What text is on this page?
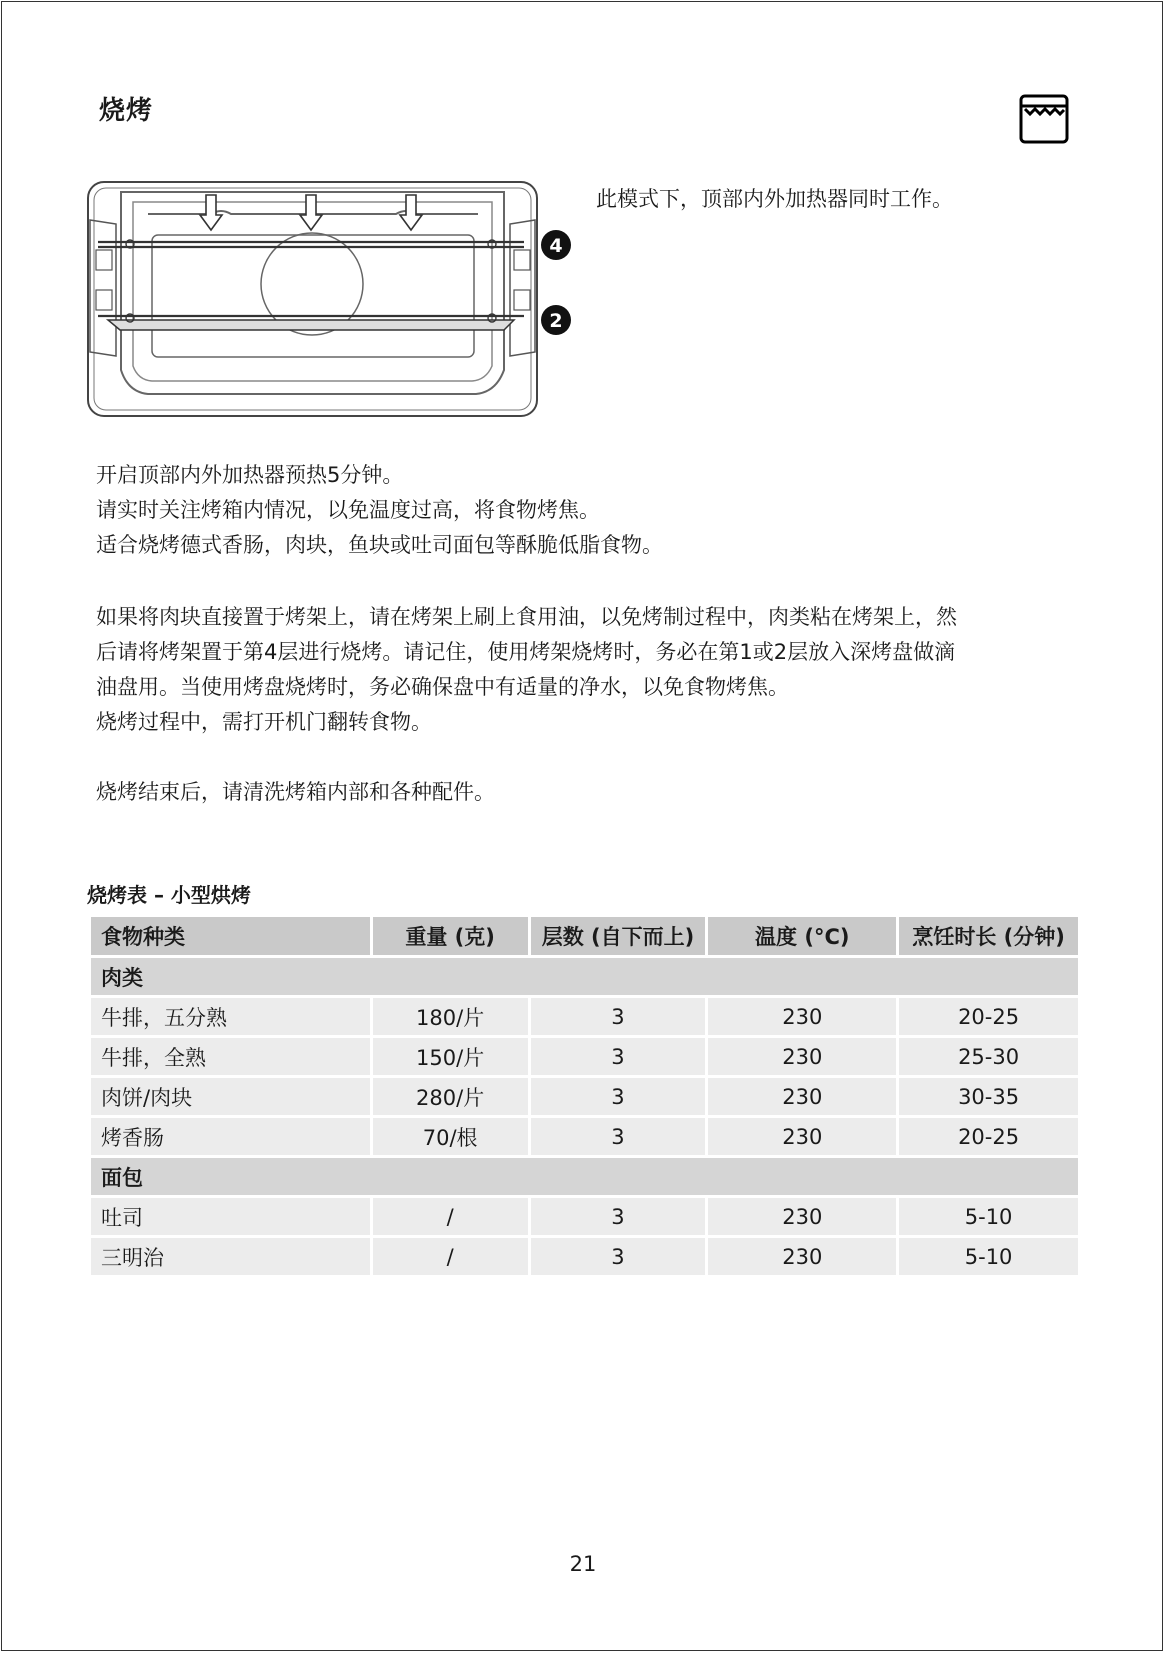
烧烤
4
2
此模式下，顶部内外加热器同时工作。
开启顶部内外加热器预热5分钟。
请实时关注烤箱内情况，以免温度过高，将食物烤焦。
适合烧烤德式香肠，肉块，鱼块或吐司面包等酥脆低脂食物。
如果将肉块直接置于烤架上，请在烤架上刷上食用油，以免烤制过程中，肉类粘在烤架上，然
后请将烤架置于第4层进行烧烤。请记住，使用烤架烧烤时，务必在第1或2层放入深烤盘做滴
油盘用。当使用烤盘烧烤时，务必确保盘中有适量的净水，以免食物烤焦。
烧烤过程中，需打开机门翻转食物。
烧烤结束后，请清洗烤箱内部和各种配件。
烧烤表 – 小型烘烤
食物种类	重量 (克)	层数 (自下而上)	温度 (°C)	烹饪时长 (分钟)
肉类				
牛排，五分熟	180/片	3	230	20-25
牛排，全熟	150/片	3	230	25-30
肉饼/肉块	280/片	3	230	30-35
烤香肠	70/根	3	230	20-25
面包				
吐司	/	3	230	5-10
三明治	/	3	230	5-10
21
